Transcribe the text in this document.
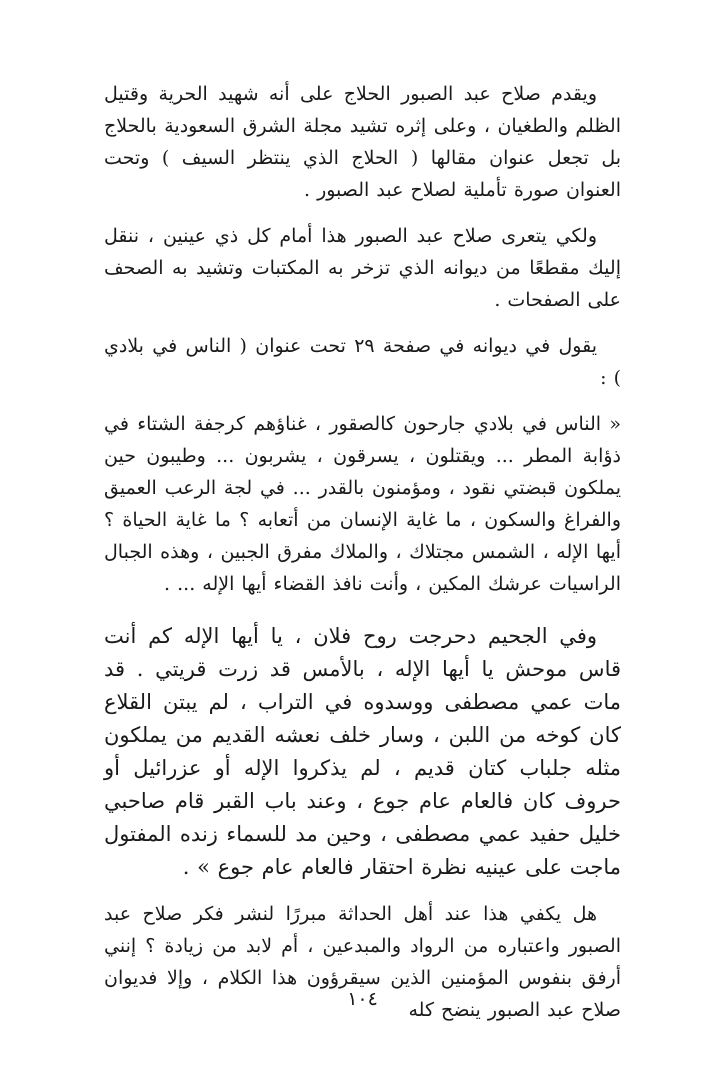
ويقدم صلاح عبد الصبور الحلاج على أنه شهيد الحرية وقتيل الظلم والطغيان ، وعلى إثره تشيد مجلة الشرق السعودية بالحلاج بل تجعل عنوان مقالها ( الحلاج الذي ينتظر السيف ) وتحت العنوان صورة تأملية لصلاح عبد الصبور .

ولكي يتعرى صلاح عبد الصبور هذا أمام كل ذي عينين ، ننقل إليك مقطعًا من ديوانه الذي تزخر به المكتبات وتشيد به الصحف على الصفحات .

يقول في ديوانه في صفحة ٢٩ تحت عنوان ( الناس في بلادي ) :

« الناس في بلادي جارحون كالصقور ، غناؤهم كرجفة الشتاء في ذؤابة المطر ... ويقتلون ، يسرقون ، يشربون ... وطيبون حين يملكون قبضتي نقود ، ومؤمنون بالقدر ... في لجة الرعب العميق والفراغ والسكون ، ما غاية الإنسان من أتعابه ؟ ما غاية الحياة ؟ أيها الإله ، الشمس مجتلاك ، والملاك مفرق الجبين ، وهذه الجبال الراسيات عرشك المكين ، وأنت نافذ القضاء أيها الإله ... .

وفي الجحيم دحرجت روح فلان ، يا أيها الإله كم أنت قاس موحش يا أيها الإله ، بالأمس قد زرت قريتي . قد مات عمي مصطفى ووسدوه في التراب ، لم يبتن القلاع كان كوخه من اللبن ، وسار خلف نعشه القديم من يملكون مثله جلباب كتان قديم ، لم يذكروا الإله أو عزرائيل أو حروف كان فالعام عام جوع ، وعند باب القبر قام صاحبي خليل حفيد عمي مصطفى ، وحين مد للسماء زنده المفتول ماجت على عينيه نظرة احتقار فالعام عام جوع » .

هل يكفي هذا عند أهل الحداثة مبررًا لنشر فكر صلاح عبد الصبور واعتباره من الرواد والمبدعين ، أم لابد من زيادة ؟ إنني أرفق بنفوس المؤمنين الذين سيقرؤون هذا الكلام ، وإلا فديوان صلاح عبد الصبور ينضح كله

١٠٤
